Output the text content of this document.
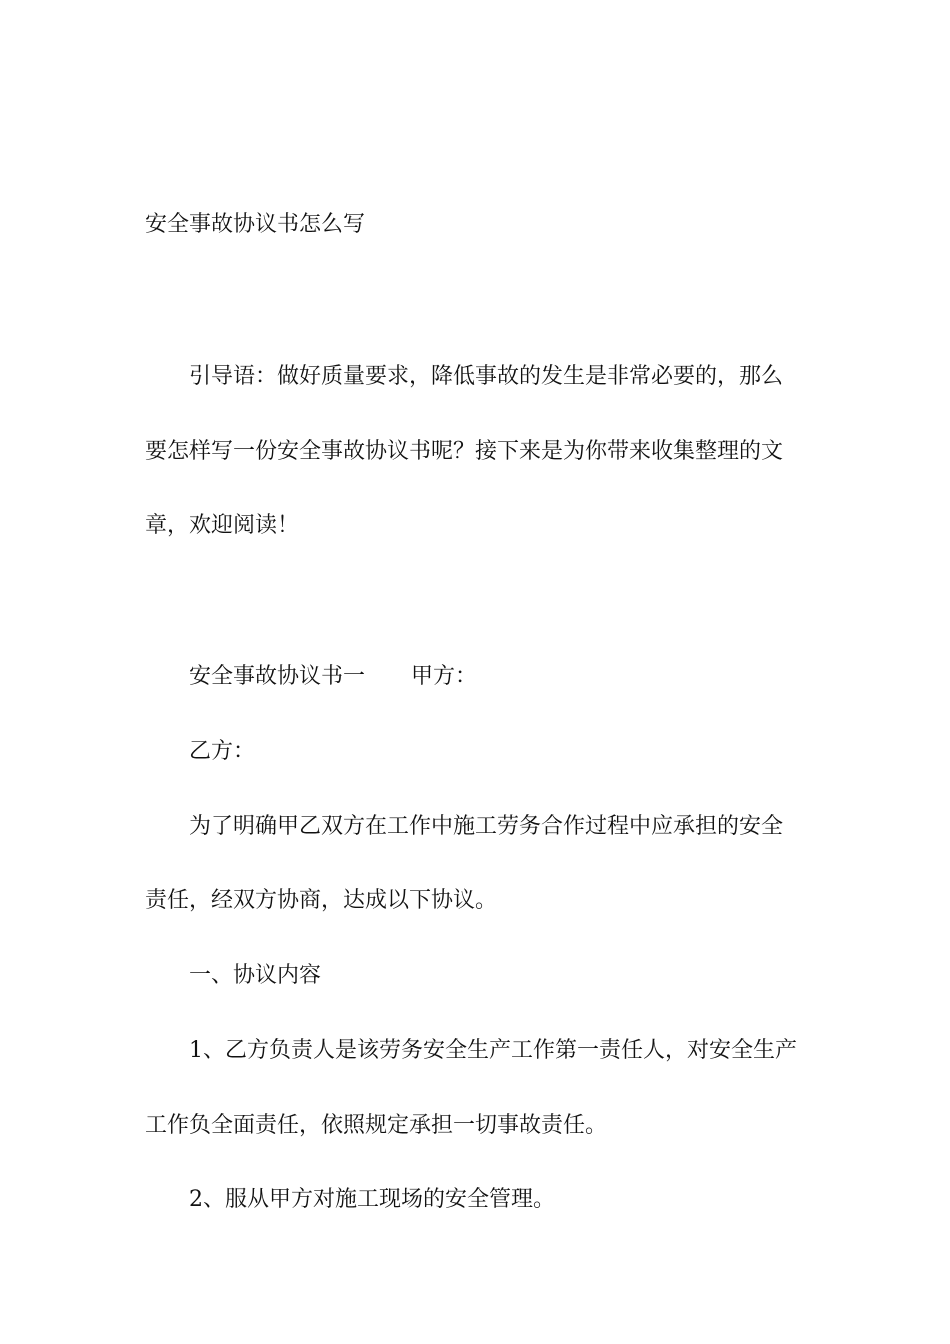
安全事故协议书怎么写
引导语：做好质量要求，降低事故的发生是非常必要的，那么
要怎样写一份安全事故协议书呢？接下来是为你带来收集整理的文
章，欢迎阅读！
安全事故协议书一 甲方：
乙方：
为了明确甲乙双方在工作中施工劳务合作过程中应承担的安全
责任，经双方协商，达成以下协议。
一、协议内容
1、乙方负责人是该劳务安全生产工作第一责任人，对安全生产
工作负全面责任，依照规定承担一切事故责任。
2、服从甲方对施工现场的安全管理。
